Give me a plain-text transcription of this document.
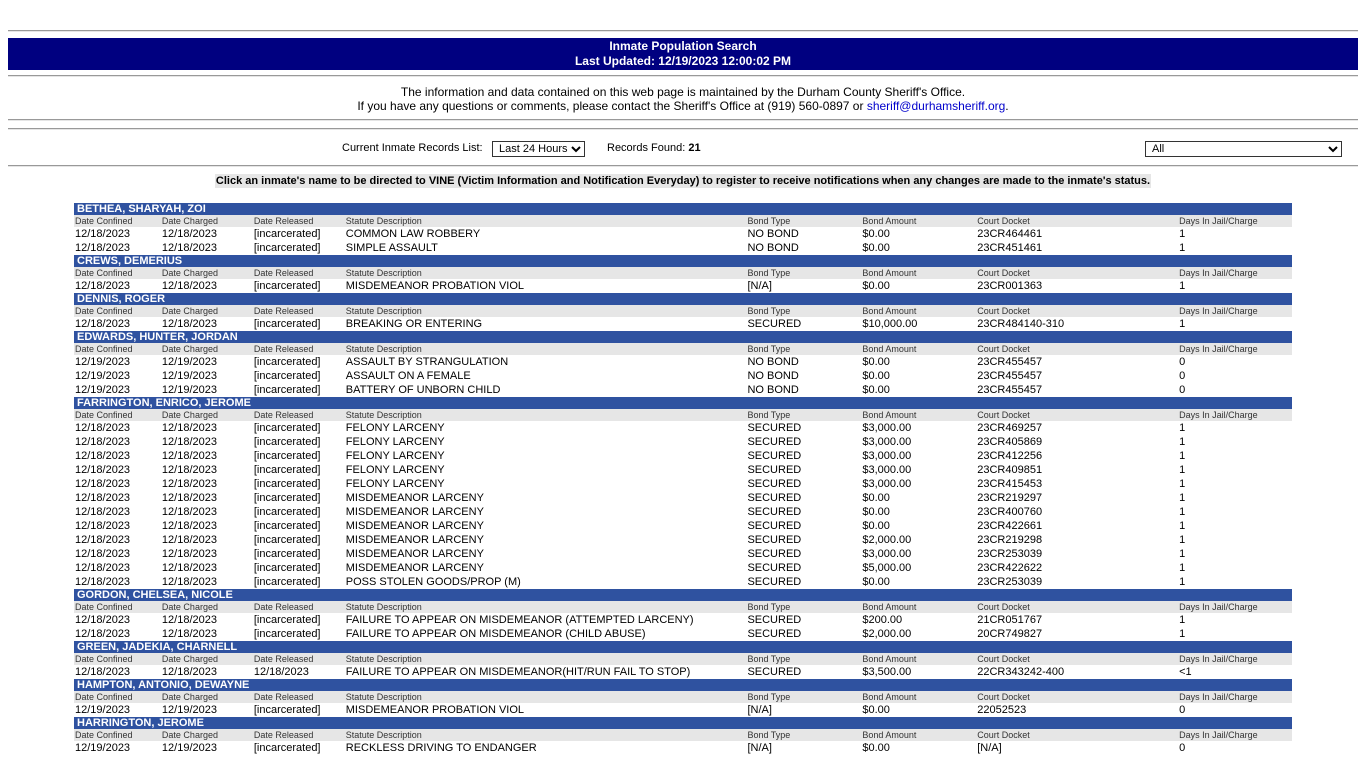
Inmate Population Search
Last Updated: 12/19/2023 12:00:02 PM
The information and data contained on this web page is maintained by the Durham County Sheriff's Office.
If you have any questions or comments, please contact the Sheriff's Office at (919) 560-0897 or sheriff@durhamsheriff.org.
Current Inmate Records List:
Last 24 Hours	Records Found: 21
All
Click an inmate's name to be directed to VINE (Victim Information and Notification Everyday) to register to receive notifications when any changes are made to the inmate's status.
BETHEA, SHARYAH, ZOI
Date Confined	Date Charged	Date Released	Statute Description	Bond Type	Bond Amount	Court Docket	Days In Jail/Charge
12/18/2023	12/18/2023	[incarcerated]	COMMON LAW ROBBERY	NO BOND	$0.00	23CR464461	1
12/18/2023	12/18/2023	[incarcerated]	SIMPLE ASSAULT	NO BOND	$0.00	23CR451461	1
CREWS, DEMERIUS
Date Confined	Date Charged	Date Released	Statute Description	Bond Type	Bond Amount	Court Docket	Days In Jail/Charge
12/18/2023	12/18/2023	[incarcerated]	MISDEMEANOR PROBATION VIOL	[N/A]	$0.00	23CR001363	1
DENNIS, ROGER
Date Confined	Date Charged	Date Released	Statute Description	Bond Type	Bond Amount	Court Docket	Days In Jail/Charge
12/18/2023	12/18/2023	[incarcerated]	BREAKING OR ENTERING	SECURED	$10,000.00	23CR484140-310	1
EDWARDS, HUNTER, JORDAN
Date Confined	Date Charged	Date Released	Statute Description	Bond Type	Bond Amount	Court Docket	Days In Jail/Charge
12/19/2023	12/19/2023	[incarcerated]	ASSAULT BY STRANGULATION	NO BOND	$0.00	23CR455457	0
12/19/2023	12/19/2023	[incarcerated]	ASSAULT ON A FEMALE	NO BOND	$0.00	23CR455457	0
12/19/2023	12/19/2023	[incarcerated]	BATTERY OF UNBORN CHILD	NO BOND	$0.00	23CR455457	0
FARRINGTON, ENRICO, JEROME
Date Confined	Date Charged	Date Released	Statute Description	Bond Type	Bond Amount	Court Docket	Days In Jail/Charge
12/18/2023	12/18/2023	[incarcerated]	FELONY LARCENY	SECURED	$3,000.00	23CR469257	1
12/18/2023	12/18/2023	[incarcerated]	FELONY LARCENY	SECURED	$3,000.00	23CR405869	1
12/18/2023	12/18/2023	[incarcerated]	FELONY LARCENY	SECURED	$3,000.00	23CR412256	1
12/18/2023	12/18/2023	[incarcerated]	FELONY LARCENY	SECURED	$3,000.00	23CR409851	1
12/18/2023	12/18/2023	[incarcerated]	FELONY LARCENY	SECURED	$3,000.00	23CR415453	1
12/18/2023	12/18/2023	[incarcerated]	MISDEMEANOR LARCENY	SECURED	$0.00	23CR219297	1
12/18/2023	12/18/2023	[incarcerated]	MISDEMEANOR LARCENY	SECURED	$0.00	23CR400760	1
12/18/2023	12/18/2023	[incarcerated]	MISDEMEANOR LARCENY	SECURED	$0.00	23CR422661	1
12/18/2023	12/18/2023	[incarcerated]	MISDEMEANOR LARCENY	SECURED	$2,000.00	23CR219298	1
12/18/2023	12/18/2023	[incarcerated]	MISDEMEANOR LARCENY	SECURED	$3,000.00	23CR253039	1
12/18/2023	12/18/2023	[incarcerated]	MISDEMEANOR LARCENY	SECURED	$5,000.00	23CR422622	1
12/18/2023	12/18/2023	[incarcerated]	POSS STOLEN GOODS/PROP (M)	SECURED	$0.00	23CR253039	1
GORDON, CHELSEA, NICOLE
Date Confined	Date Charged	Date Released	Statute Description	Bond Type	Bond Amount	Court Docket	Days In Jail/Charge
12/18/2023	12/18/2023	[incarcerated]	FAILURE TO APPEAR ON MISDEMEANOR (ATTEMPTED LARCENY)	SECURED	$200.00	21CR051767	1
12/18/2023	12/18/2023	[incarcerated]	FAILURE TO APPEAR ON MISDEMEANOR (CHILD ABUSE)	SECURED	$2,000.00	20CR749827	1
GREEN, JADEKIA, CHARNELL
Date Confined	Date Charged	Date Released	Statute Description	Bond Type	Bond Amount	Court Docket	Days In Jail/Charge
12/18/2023	12/18/2023	12/18/2023	FAILURE TO APPEAR ON MISDEMEANOR(HIT/RUN FAIL TO STOP)	SECURED	$3,500.00	22CR343242-400	<1
HAMPTON, ANTONIO, DEWAYNE
Date Confined	Date Charged	Date Released	Statute Description	Bond Type	Bond Amount	Court Docket	Days In Jail/Charge
12/19/2023	12/19/2023	[incarcerated]	MISDEMEANOR PROBATION VIOL	[N/A]	$0.00	22052523	0
HARRINGTON, JEROME
Date Confined	Date Charged	Date Released	Statute Description	Bond Type	Bond Amount	Court Docket	Days In Jail/Charge
12/19/2023	12/19/2023	[incarcerated]	RECKLESS DRIVING TO ENDANGER	[N/A]	$0.00	[N/A]	0
